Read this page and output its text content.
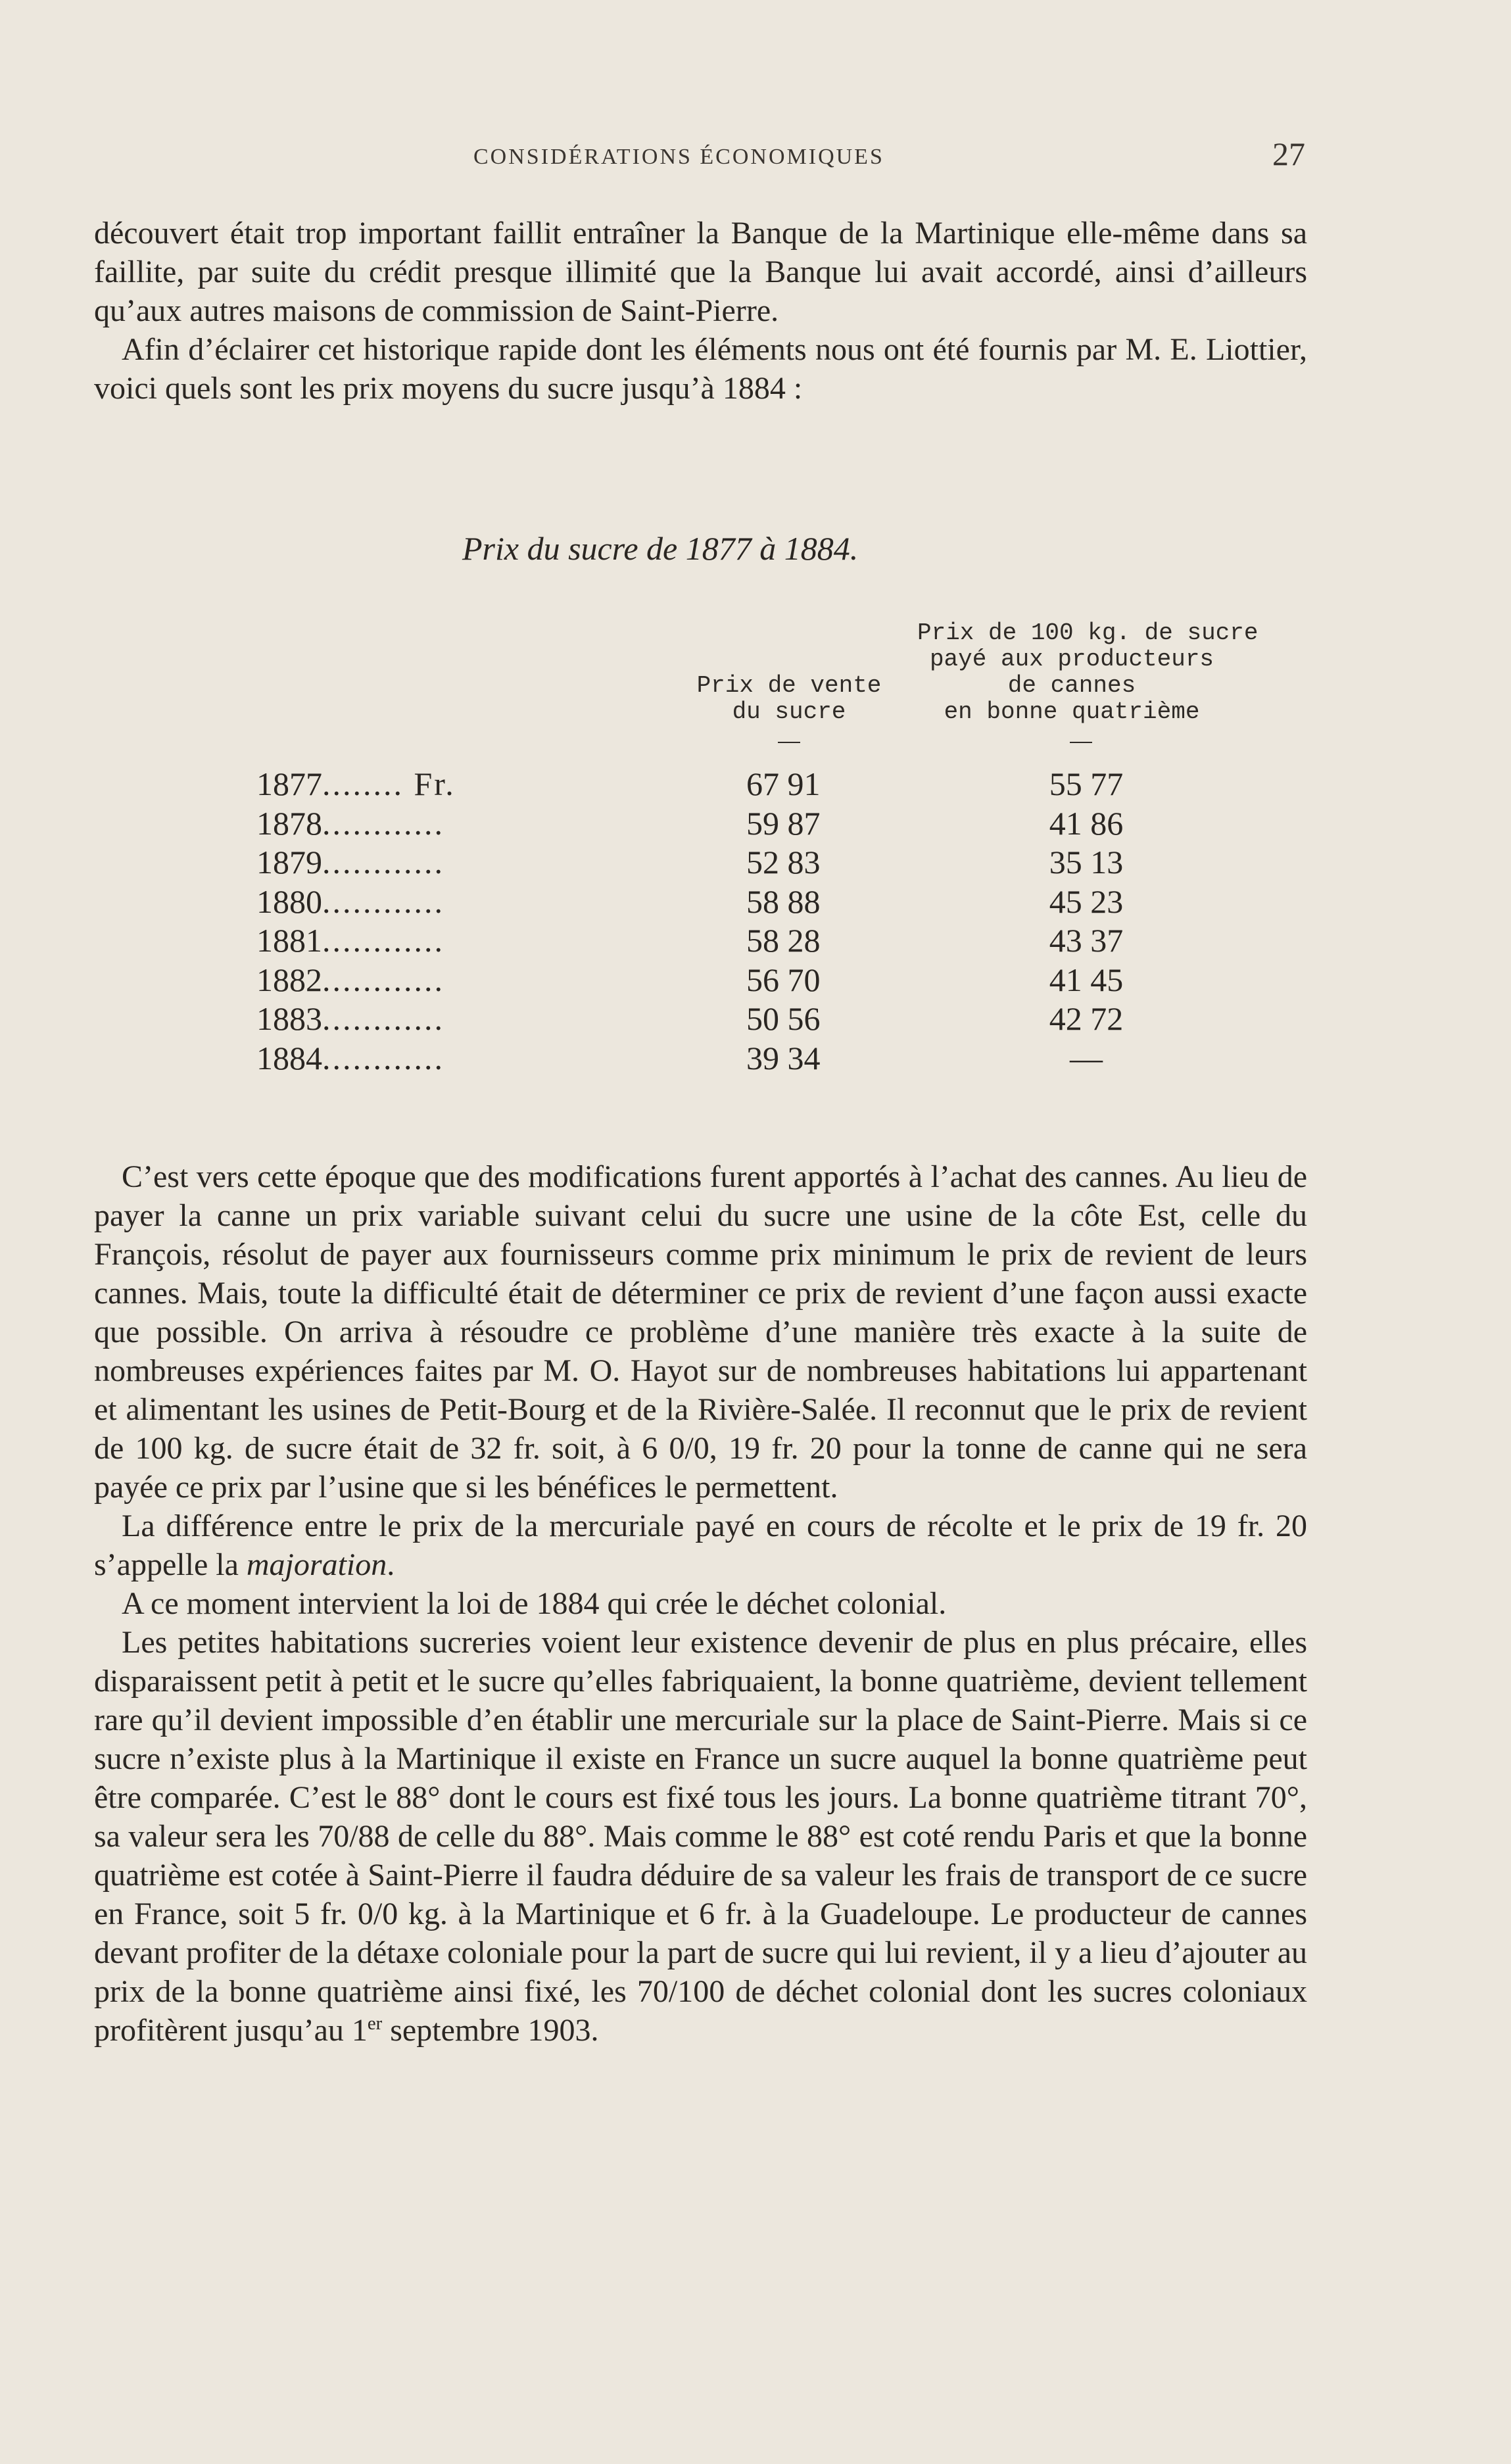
CONSIDÉRATIONS ÉCONOMIQUES	27

découvert était trop important faillit entraîner la Banque de la Martinique elle-même dans sa faillite, par suite du crédit presque illimité que la Banque lui avait accordé, ainsi d’ailleurs qu’aux autres maisons de commission de Saint-Pierre.

Afin d’éclairer cet historique rapide dont les éléments nous ont été fournis par M. E. Liottier, voici quels sont les prix moyens du sucre jusqu’à 1884 :

Prix du sucre de 1877 à 1884.
Prix de vente
du sucre
Prix de 100 kg. de sucre
payé aux producteurs
de cannes
en bonne quatrième
1877........ Fr.	67 91	55 77
1878............	59 87	41 86
1879............	52 83	35 13
1880............	58 88	45 23
1881............	58 28	43 37
1882............	56 70	41 45
1883............	50 56	42 72
1884............	39 34	—

C’est vers cette époque que des modifications furent apportés à l’achat des cannes. Au lieu de payer la canne un prix variable suivant celui du sucre une usine de la côte Est, celle du François, résolut de payer aux fournisseurs comme prix minimum le prix de revient de leurs cannes. Mais, toute la difficulté était de déterminer ce prix de revient d’une façon aussi exacte que possible. On arriva à résoudre ce problème d’une manière très exacte à la suite de nombreuses expériences faites par M. O. Hayot sur de nombreuses habitations lui appartenant et alimentant les usines de Petit-Bourg et de la Rivière-Salée. Il reconnut que le prix de revient de 100 kg. de sucre était de 32 fr. soit, à 6 0/0, 19 fr. 20 pour la tonne de canne qui ne sera payée ce prix par l’usine que si les bénéfices le permettent.

La différence entre le prix de la mercuriale payé en cours de récolte et le prix de 19 fr. 20 s’appelle la majoration.

A ce moment intervient la loi de 1884 qui crée le déchet colonial.

Les petites habitations sucreries voient leur existence devenir de plus en plus précaire, elles disparaissent petit à petit et le sucre qu’elles fabriquaient, la bonne quatrième, devient tellement rare qu’il devient impossible d’en établir une mercuriale sur la place de Saint-Pierre. Mais si ce sucre n’existe plus à la Martinique il existe en France un sucre auquel la bonne quatrième peut être comparée. C’est le 88° dont le cours est fixé tous les jours. La bonne quatrième titrant 70°, sa valeur sera les 70/88 de celle du 88°. Mais comme le 88° est coté rendu Paris et que la bonne quatrième est cotée à Saint-Pierre il faudra déduire de sa valeur les frais de transport de ce sucre en France, soit 5 fr. 0/0 kg. à la Martinique et 6 fr. à la Guadeloupe. Le producteur de cannes devant profiter de la détaxe coloniale pour la part de sucre qui lui revient, il y a lieu d’ajouter au prix de la bonne quatrième ainsi fixé, les 70/100 de déchet colonial dont les sucres coloniaux profitèrent jusqu’au 1er septembre 1903.
